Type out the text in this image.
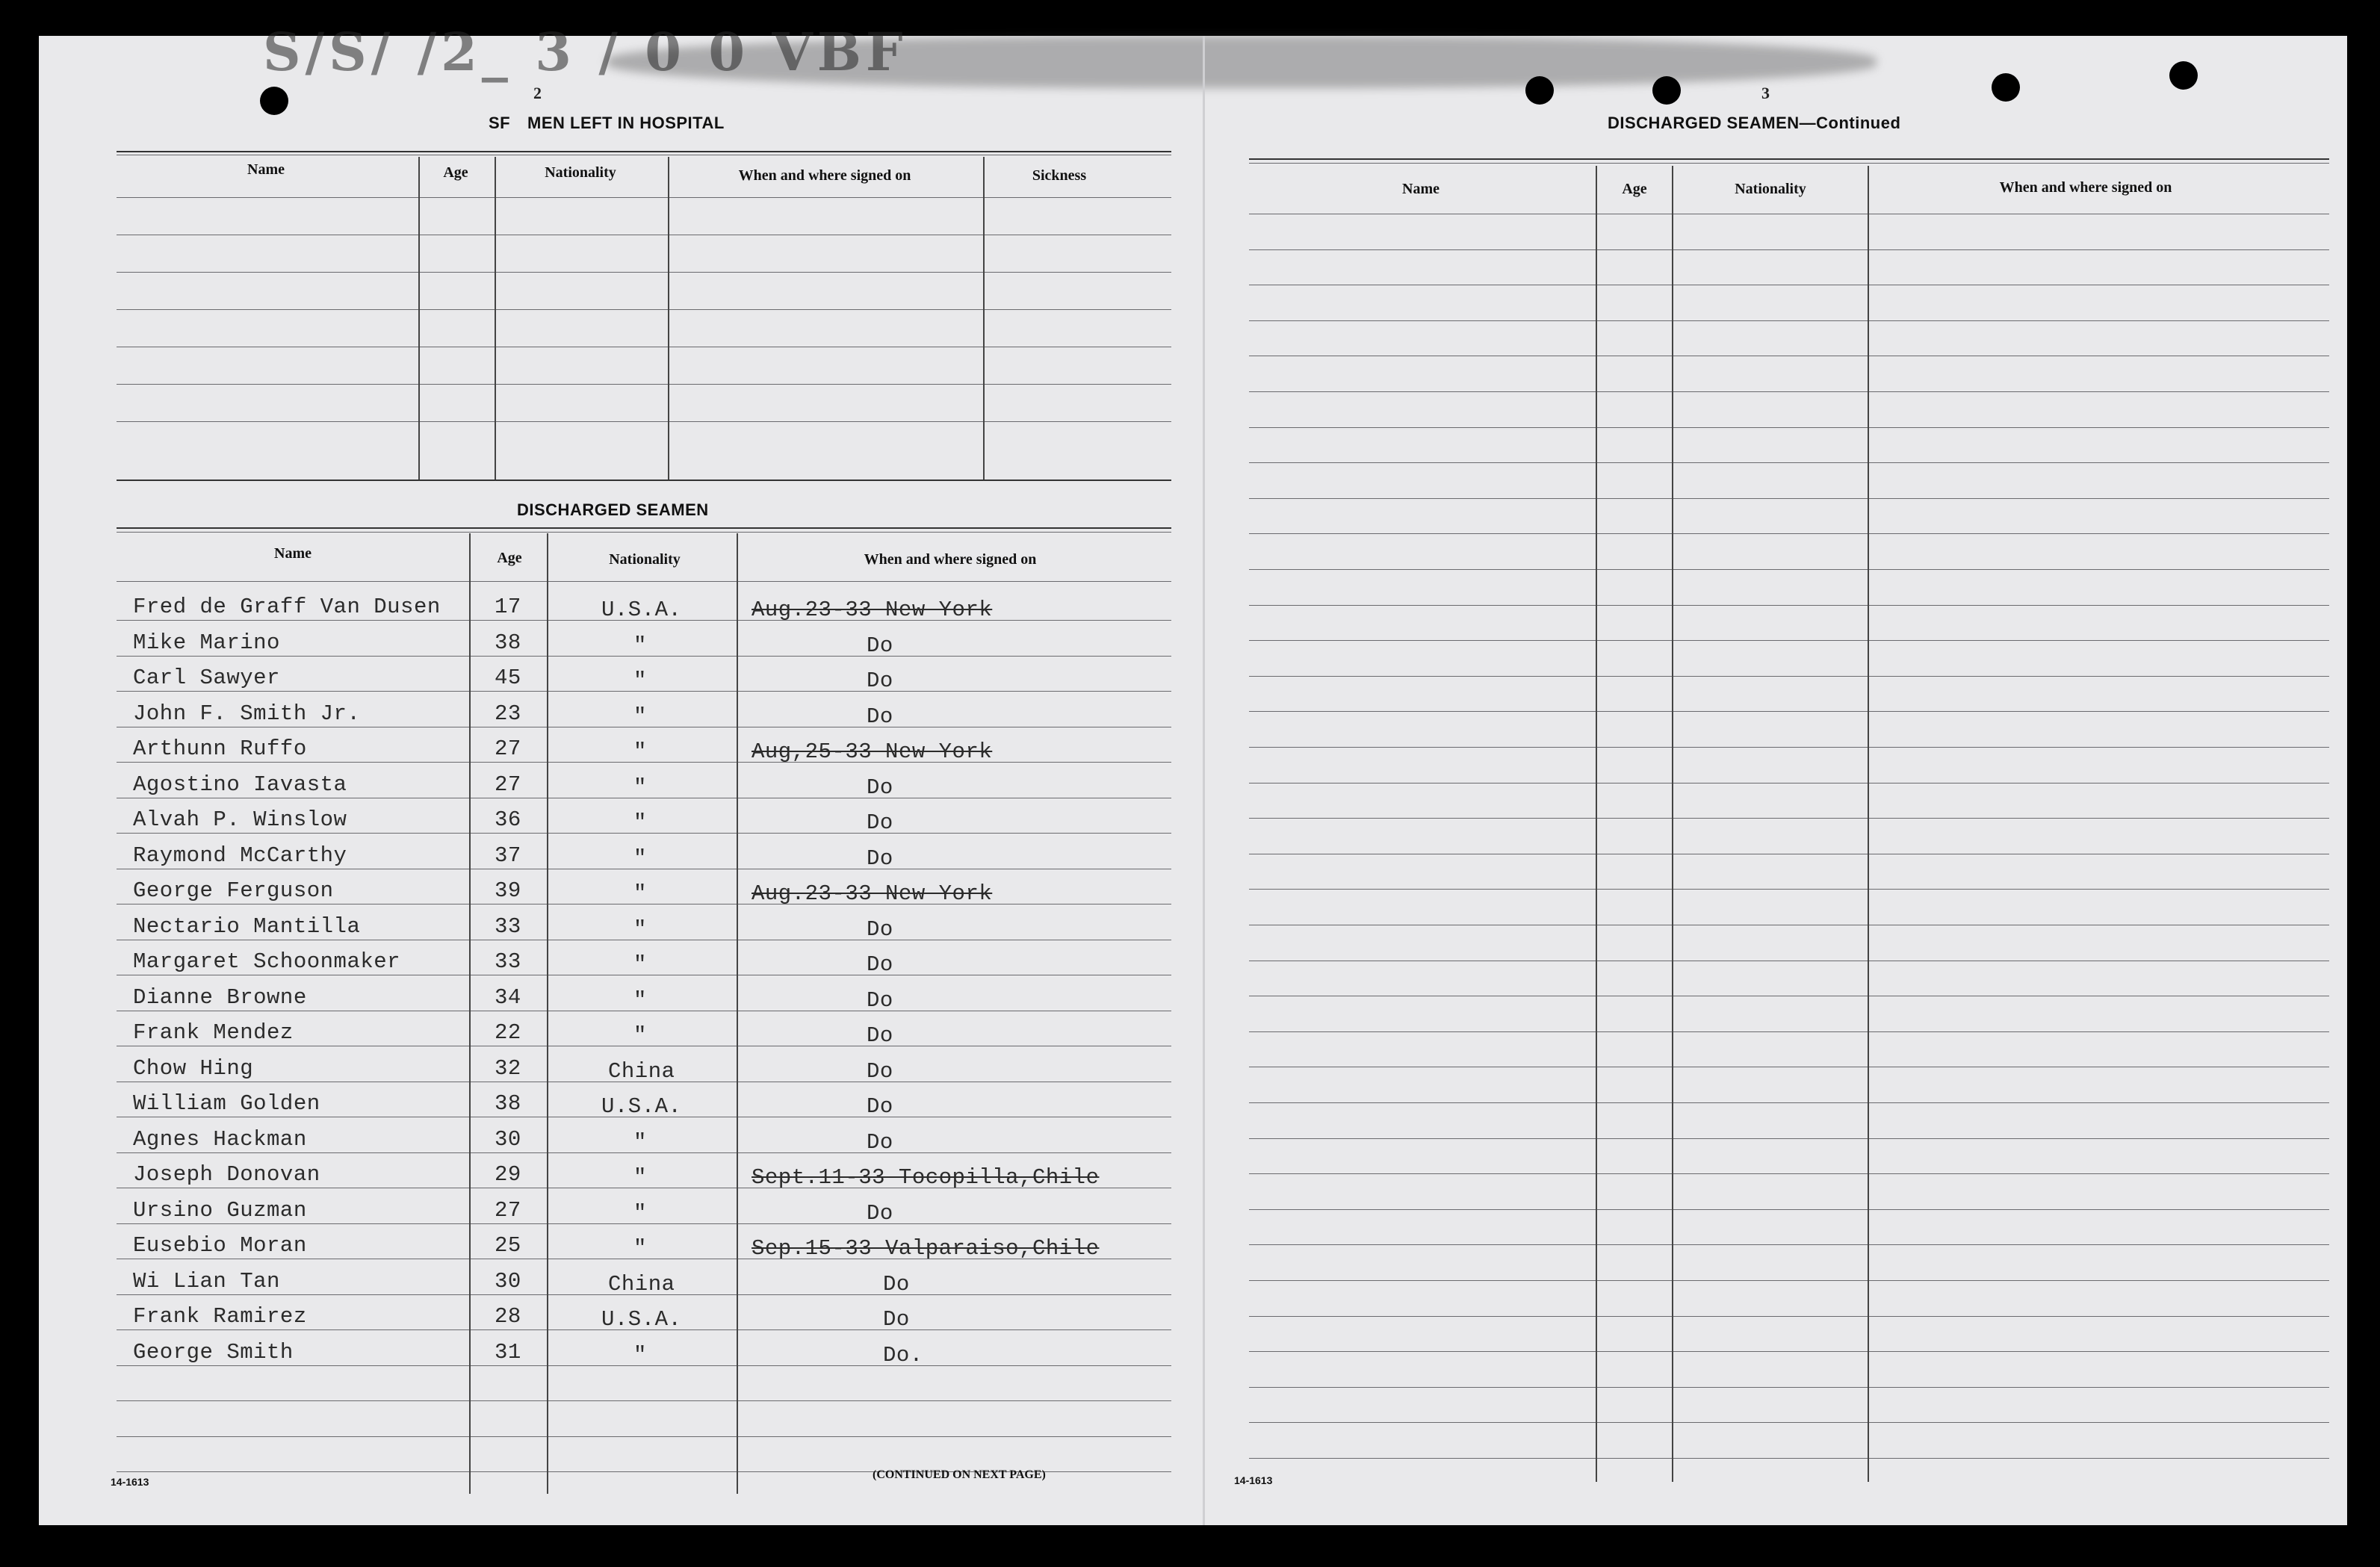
S/S/ /2_ 3 / 0 0 VBF
2
SF MEN LEFT IN HOSPITAL
Name	Age	Nationality	When and where signed on	Sickness
DISCHARGED SEAMEN
Name	Age	Nationality	When and where signed on
Fred de Graff Van Dusen 17	U.S.A.	Aug.23-33 New York
Mike Marino	38	"	Do
Carl Sawyer	45	"	Do
John F. Smith Jr.	23	"	Do
Arthunn Ruffo	27	"	Aug,25-33 New York
Agostino Iavasta	27	"	Do
Alvah P. Winslow	36	"	Do
Raymond McCarthy	37	"	Do
George Ferguson	39	"	Aug.23-33 New York
Nectario Mantilla	33	"	Do
Margaret Schoonmaker	33	"	Do
Dianne Browne	34	"	Do
Frank Mendez	22	"	Do
Chow Hing	32	China	Do
William Golden	38	U.S.A.	Do
Agnes Hackman	30	"	Do
Joseph Donovan	29	"	Sept.11-33 Tocopilla,Chile
Ursino Guzman	27	"	Do
Eusebio Moran	25	"	Sep.15-33 Valparaiso,Chile
Wi Lian Tan	30	China	Do
Frank Ramirez	28	U.S.A.	Do
George Smith	31	"	Do.
14-1613
(CONTINUED ON NEXT PAGE)
3
DISCHARGED SEAMEN—Continued
Name	Age	Nationality	When and where signed on
14-1613
